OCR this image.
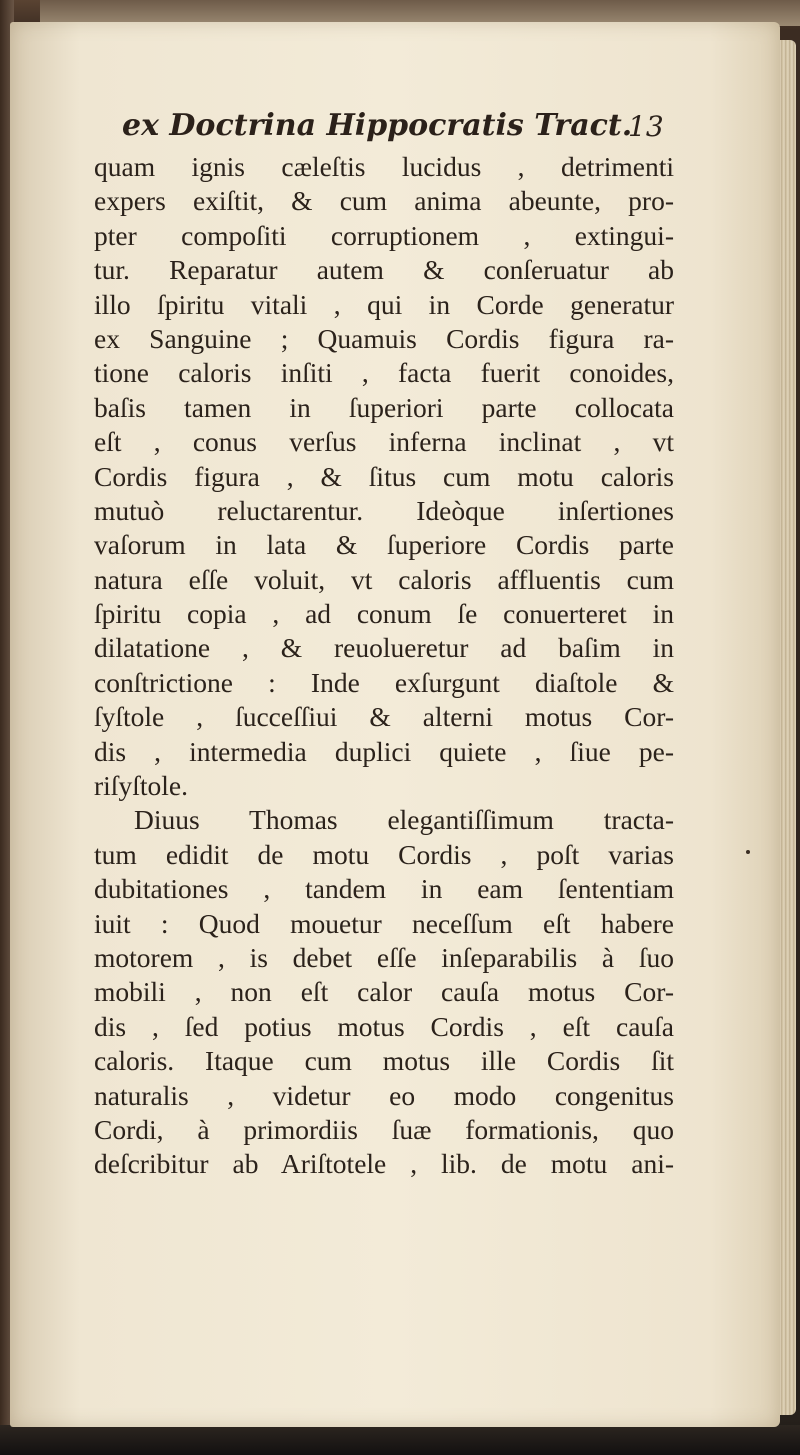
ex Doctrina Hippocratis Tract.
13
quam ignis cæleſtis lucidus , detrimenti
expers exiſtit, & cum anima abeunte, pro-
pter compoſiti corruptionem , extingui-
tur. Reparatur autem & conſeruatur ab
illo ſpiritu vitali , qui in Corde generatur
ex Sanguine ; Quamuis Cordis figura ra-
tione caloris inſiti , facta fuerit conoides,
baſis tamen in ſuperiori parte collocata
eſt , conus verſus inferna inclinat , vt
Cordis figura , & ſitus cum motu caloris
mutuò reluctarentur. Ideòque inſertiones
vaſorum in lata & ſuperiore Cordis parte
natura eſſe voluit, vt caloris affluentis cum
ſpiritu copia , ad conum ſe conuerteret in
dilatatione , & reuolueretur ad baſim in
conſtrictione : Inde exſurgunt diaſtole &
ſyſtole , ſucceſſiui & alterni motus Cor-
dis , intermedia duplici quiete , ſiue pe-
riſyſtole.
Diuus Thomas elegantiſſimum tracta-
tum edidit de motu Cordis , poſt varias
dubitationes , tandem in eam ſententiam
iuit : Quod mouetur neceſſum eſt habere
motorem , is debet eſſe inſeparabilis à ſuo
mobili , non eſt calor cauſa motus Cor-
dis , ſed potius motus Cordis , eſt cauſa
caloris. Itaque cum motus ille Cordis ſit
naturalis , videtur eo modo congenitus
Cordi, à primordiis ſuæ formationis, quo
deſcribitur ab Ariſtotele , lib. de motu ani-
